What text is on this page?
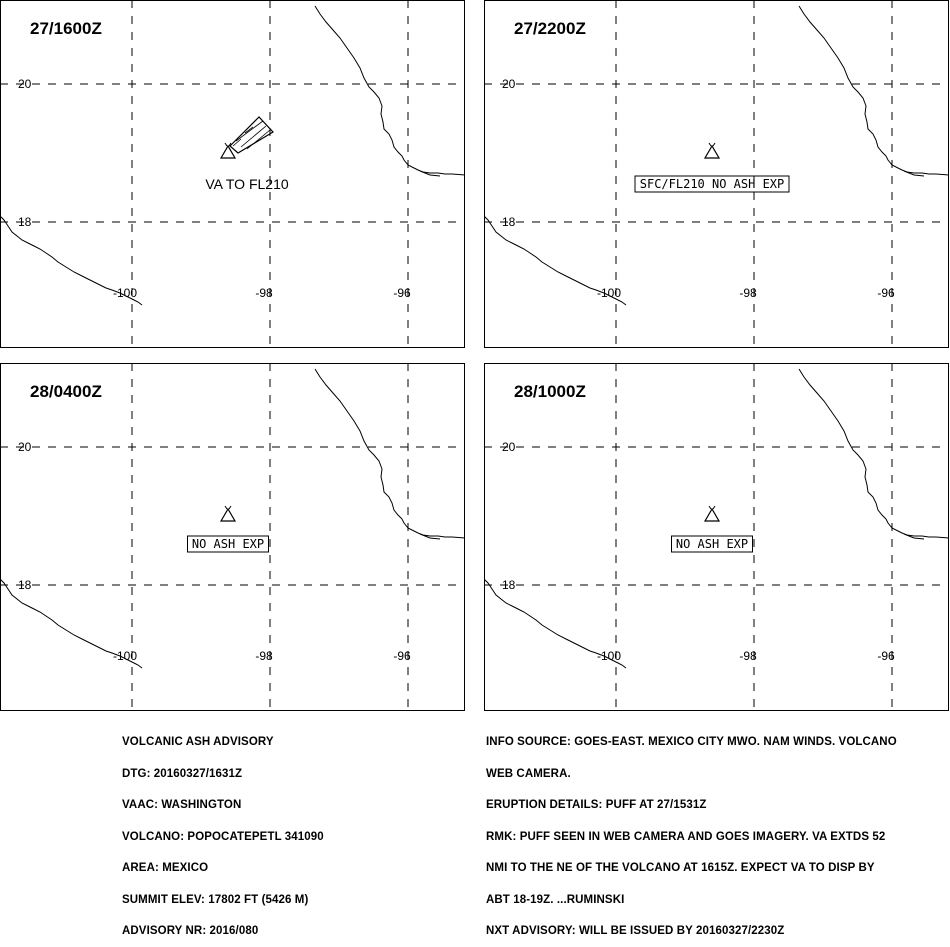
20
18
-100	-98	-96
27/1600Z
VA TO FL210
20
18
-100	-98	-96
27/2200Z
SFC/FL210 NO ASH EXP
20
18
-100	-98	-96
28/0400Z
NO ASH EXP
20
18
-100	-98	-96
28/1000Z
NO ASH EXP

VOLCANIC ASH ADVISORY

DTG: 20160327/1631Z

VAAC: WASHINGTON

VOLCANO: POPOCATEPETL 341090

AREA: MEXICO

SUMMIT ELEV: 17802 FT (5426 M)

ADVISORY NR: 2016/080

INFO SOURCE: GOES-EAST. MEXICO CITY MWO. NAM WINDS. VOLCANO

WEB CAMERA.

ERUPTION DETAILS: PUFF AT 27/1531Z

RMK: PUFF SEEN IN WEB CAMERA AND GOES IMAGERY. VA EXTDS 52

NMI TO THE NE OF THE VOLCANO AT 1615Z. EXPECT VA TO DISP BY

ABT 18-19Z. ...RUMINSKI

NXT ADVISORY: WILL BE ISSUED BY 20160327/2230Z
